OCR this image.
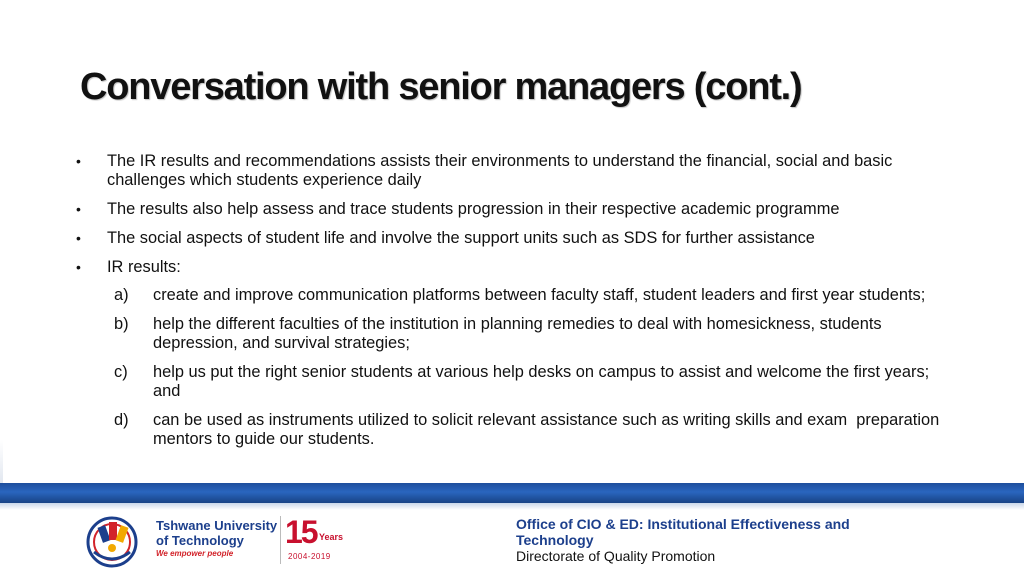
Conversation with senior managers (cont.)
•	The IR results and recommendations assists their environments to understand the financial, social and basic challenges which students experience daily
•	The results also help assess and trace students progression in their respective academic programme
•	The social aspects of student life and involve the support units such as SDS for further assistance
•	IR results:
a)	create and improve communication platforms between faculty staff, student leaders and first year students;
b)	help the different faculties of the institution in planning remedies to deal with homesickness, students depression, and survival strategies;
c)	help us put the right senior students at various help desks on campus to assist and welcome the first years; and
d)	can be used as instruments utilized to solicit relevant assistance such as writing skills and exam  preparation mentors to guide our students.
Tshwane University
of Technology
We empower people
15 Years
2004-2019
Office of CIO & ED: Institutional Effectiveness and Technology
Directorate of Quality Promotion
